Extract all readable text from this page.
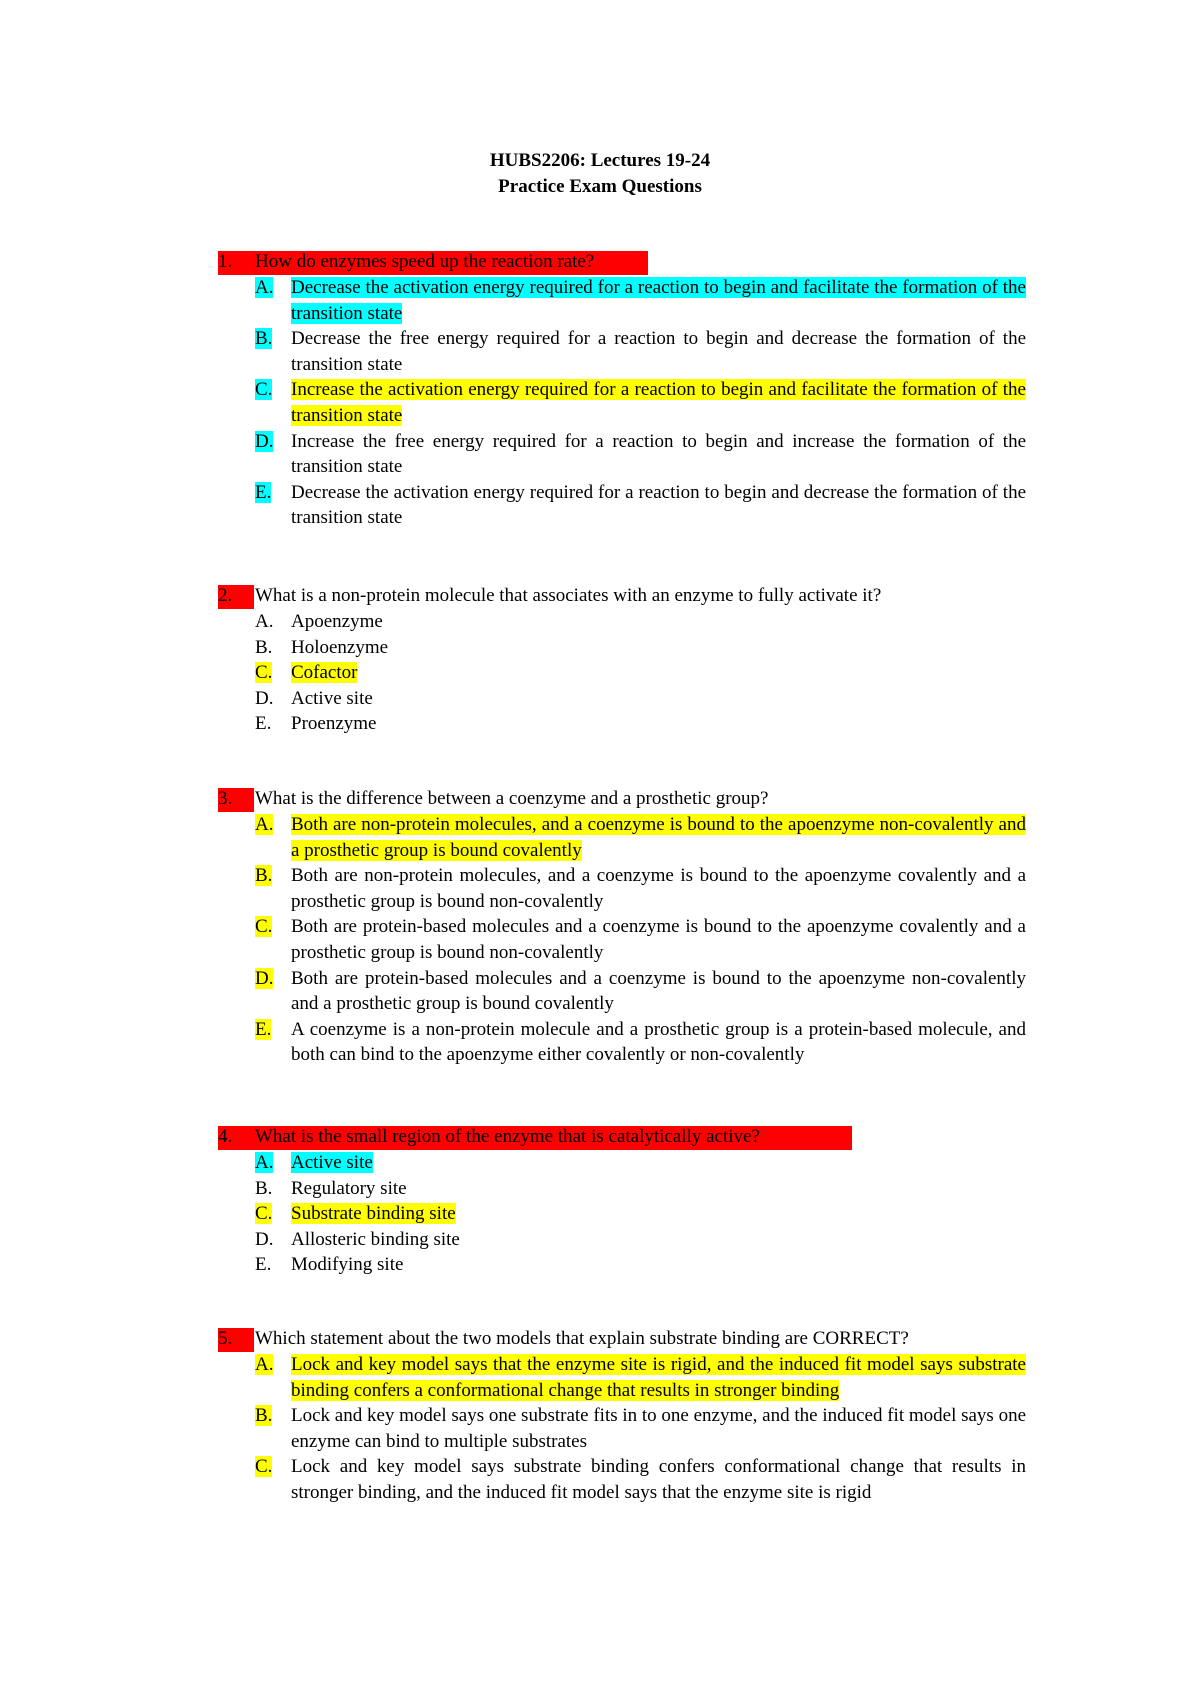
HUBS2206: Lectures 19-24
Practice Exam Questions
1. How do enzymes speed up the reaction rate?
A. Decrease the activation energy required for a reaction to begin and facilitate the formation of the transition state
B. Decrease the free energy required for a reaction to begin and decrease the formation of the transition state
C. Increase the activation energy required for a reaction to begin and facilitate the formation of the transition state
D. Increase the free energy required for a reaction to begin and increase the formation of the transition state
E. Decrease the activation energy required for a reaction to begin and decrease the formation of the transition state
2. What is a non-protein molecule that associates with an enzyme to fully activate it?
A. Apoenzyme
B. Holoenzyme
C. Cofactor
D. Active site
E. Proenzyme
3. What is the difference between a coenzyme and a prosthetic group?
A. Both are non-protein molecules, and a coenzyme is bound to the apoenzyme non-covalently and a prosthetic group is bound covalently
B. Both are non-protein molecules, and a coenzyme is bound to the apoenzyme covalently and a prosthetic group is bound non-covalently
C. Both are protein-based molecules and a coenzyme is bound to the apoenzyme covalently and a prosthetic group is bound non-covalently
D. Both are protein-based molecules and a coenzyme is bound to the apoenzyme non-covalently and a prosthetic group is bound covalently
E. A coenzyme is a non-protein molecule and a prosthetic group is a protein-based molecule, and both can bind to the apoenzyme either covalently or non-covalently
4. What is the small region of the enzyme that is catalytically active?
A. Active site
B. Regulatory site
C. Substrate binding site
D. Allosteric binding site
E. Modifying site
5. Which statement about the two models that explain substrate binding are CORRECT?
A. Lock and key model says that the enzyme site is rigid, and the induced fit model says substrate binding confers a conformational change that results in stronger binding
B. Lock and key model says one substrate fits in to one enzyme, and the induced fit model says one enzyme can bind to multiple substrates
C. Lock and key model says substrate binding confers conformational change that results in stronger binding, and the induced fit model says that the enzyme site is rigid
